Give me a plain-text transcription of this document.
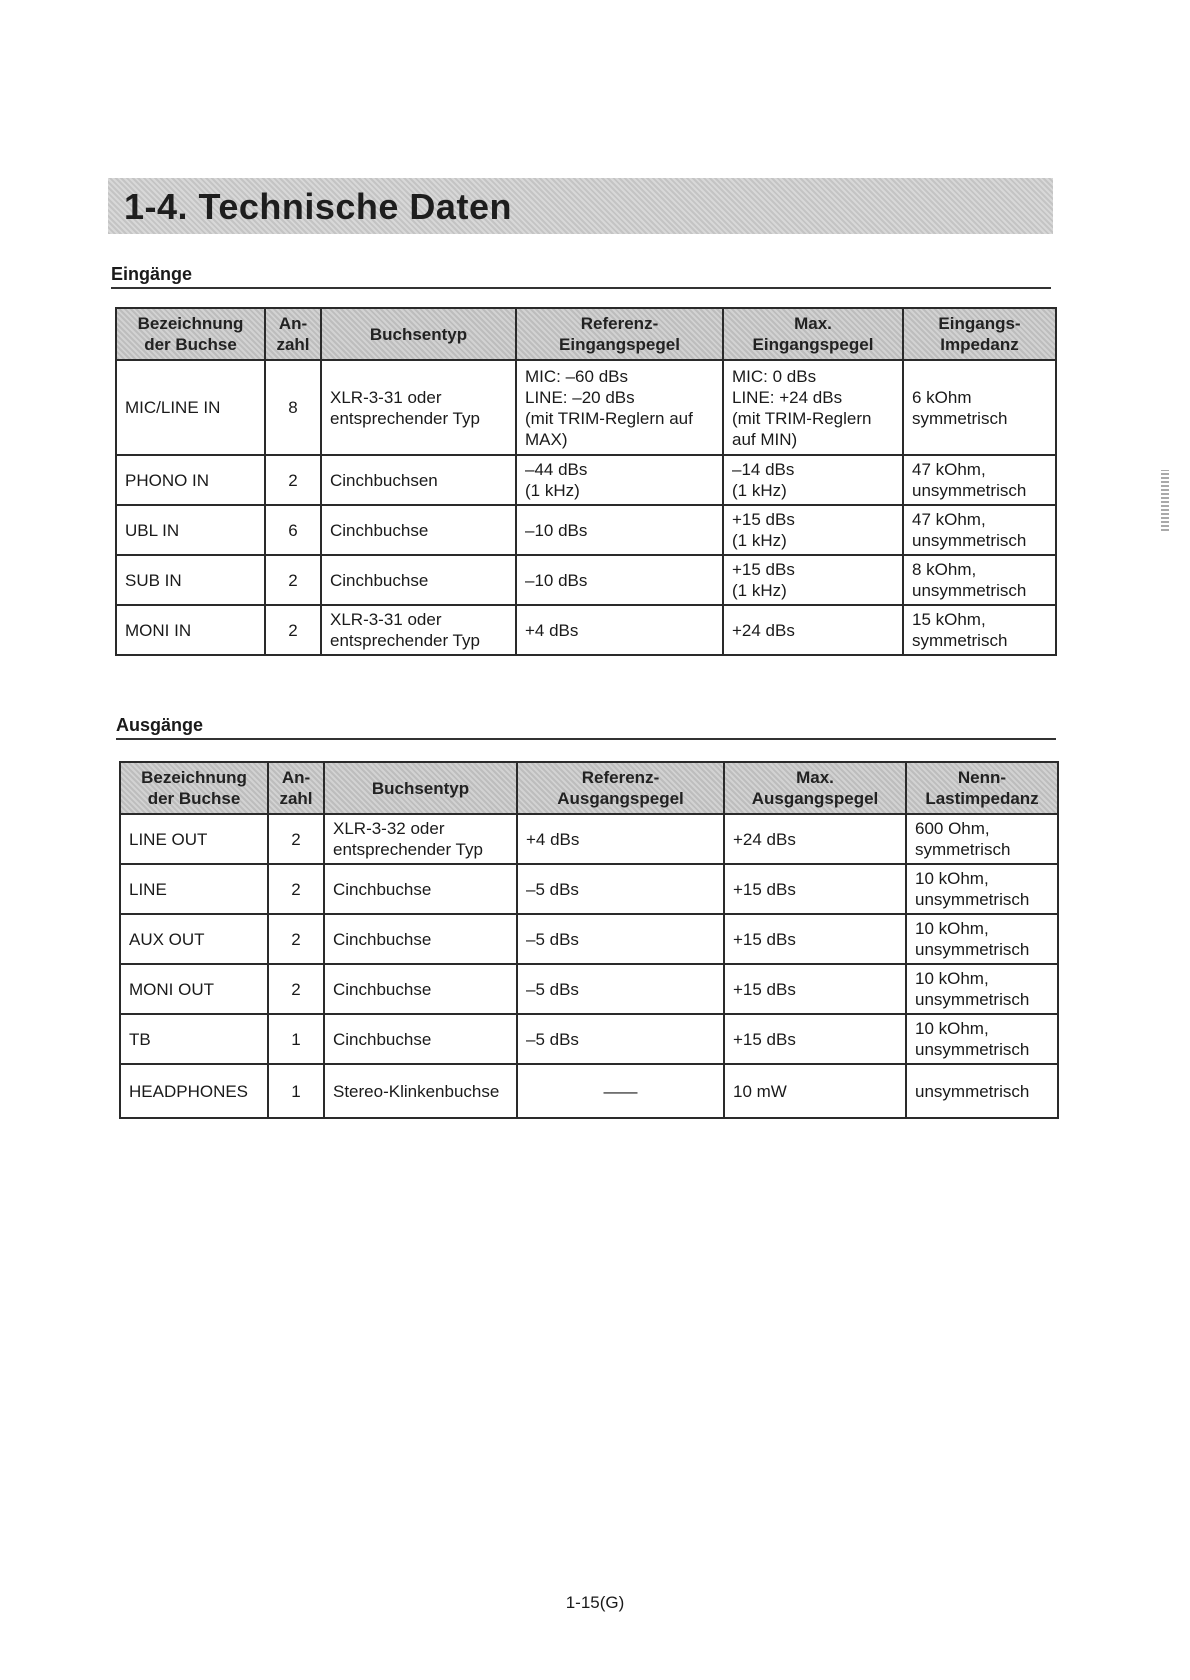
1-4. Technische Daten
Eingänge
Bezeichnung
der Buchse	An-
zahl	Buchsentyp	Referenz-
Eingangspegel	Max.
Eingangspegel	Eingangs-
Impedanz

MIC/LINE IN	8	XLR-3-31 oder
entsprechender Typ	MIC: –60 dBs
LINE: –20 dBs
(mit TRIM-Reglern auf
MAX)	MIC: 0 dBs
LINE: +24 dBs
(mit TRIM-Reglern
auf MIN)	6 kOhm
symmetrisch

PHONO IN	2	Cinchbuchsen	–44 dBs
(1 kHz)	–14 dBs
(1 kHz)	47 kOhm,
unsymmetrisch

UBL IN	6	Cinchbuchse	–10 dBs	+15 dBs
(1 kHz)	47 kOhm,
unsymmetrisch

SUB IN	2	Cinchbuchse	–10 dBs	+15 dBs
(1 kHz)	8 kOhm,
unsymmetrisch

MONI IN	2	XLR-3-31 oder
entsprechender Typ	+4 dBs	+24 dBs	15 kOhm,
symmetrisch
Ausgänge
Bezeichnung
der Buchse	An-
zahl	Buchsentyp	Referenz-
Ausgangspegel	Max.
Ausgangspegel	Nenn-
Lastimpedanz

LINE OUT	2	XLR-3-32 oder
entsprechender Typ	+4 dBs	+24 dBs	600 Ohm,
symmetrisch

LINE	2	Cinchbuchse	–5 dBs	+15 dBs	10 kOhm,
unsymmetrisch

AUX OUT	2	Cinchbuchse	–5 dBs	+15 dBs	10 kOhm,
unsymmetrisch

MONI OUT	2	Cinchbuchse	–5 dBs	+15 dBs	10 kOhm,
unsymmetrisch

TB	1	Cinchbuchse	–5 dBs	+15 dBs	10 kOhm,
unsymmetrisch

HEADPHONES	1	Stereo-Klinkenbuchse	——	10 mW	unsymmetrisch
1-15(G)
